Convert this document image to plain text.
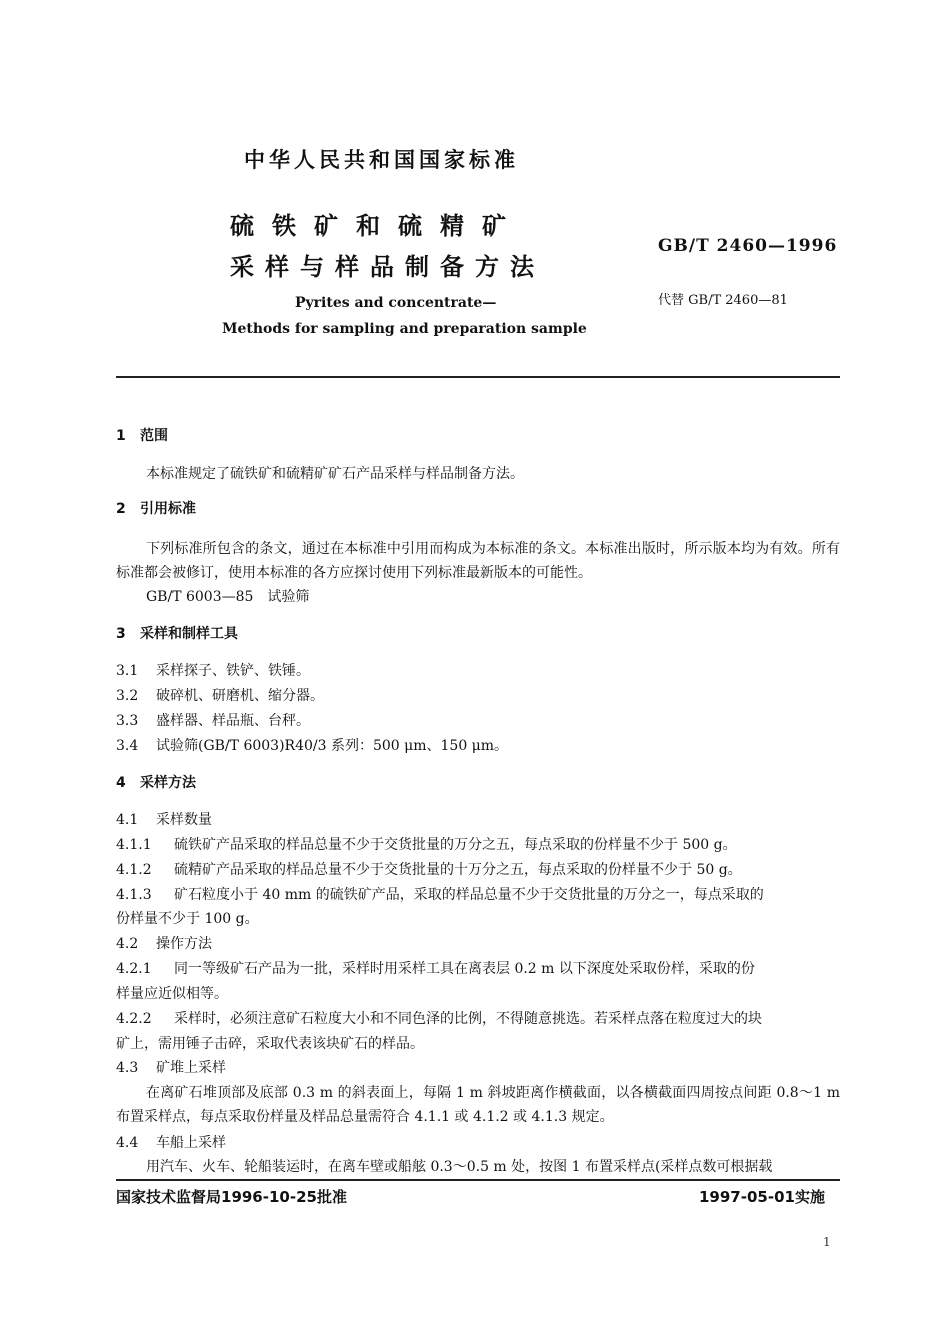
中华人民共和国国家标准
硫铁矿和硫精矿
采样与样品制备方法
GB/T 2460—1996
代替 GB/T 2460—81
Pyrites and concentrate—
Methods for sampling and preparation sample
1 范围
本标准规定了硫铁矿和硫精矿矿石产品采样与样品制备方法。
2 引用标准
下列标准所包含的条文，通过在本标准中引用而构成为本标准的条文。本标准出版时，所示版本均为有效。所有标准都会被修订，使用本标准的各方应探讨使用下列标准最新版本的可能性。
GB/T 6003—85　试验筛
3 采样和制样工具
3.1 采样探子、铁铲、铁锤。
3.2 破碎机、研磨机、缩分器。
3.3 盛样器、样品瓶、台秤。
3.4 试验筛(GB/T 6003)R40/3 系列：500 μm、150 μm。
4 采样方法
4.1 采样数量
4.1.1 硫铁矿产品采取的样品总量不少于交货批量的万分之五，每点采取的份样量不少于 500 g。
4.1.2 硫精矿产品采取的样品总量不少于交货批量的十万分之五，每点采取的份样量不少于 50 g。
4.1.3 矿石粒度小于 40 mm 的硫铁矿产品，采取的样品总量不少于交货批量的万分之一，每点采取的
份样量不少于 100 g。
4.2 操作方法
4.2.1 同一等级矿石产品为一批，采样时用采样工具在离表层 0.2 m 以下深度处采取份样，采取的份
样量应近似相等。
4.2.2 采样时，必须注意矿石粒度大小和不同色泽的比例，不得随意挑选。若采样点落在粒度过大的块
矿上，需用锤子击碎，采取代表该块矿石的样品。
4.3 矿堆上采样
在离矿石堆顶部及底部 0.3 m 的斜表面上，每隔 1 m 斜坡距离作横截面，以各横截面四周按点间距 0.8～1 m 布置采样点，每点采取份样量及样品总量需符合 4.1.1 或 4.1.2 或 4.1.3 规定。
4.4 车船上采样
用汽车、火车、轮船装运时，在离车壁或船舷 0.3～0.5 m 处，按图 1 布置采样点(采样点数可根据载
国家技术监督局1996-10-25批准	1997-05-01实施
1
